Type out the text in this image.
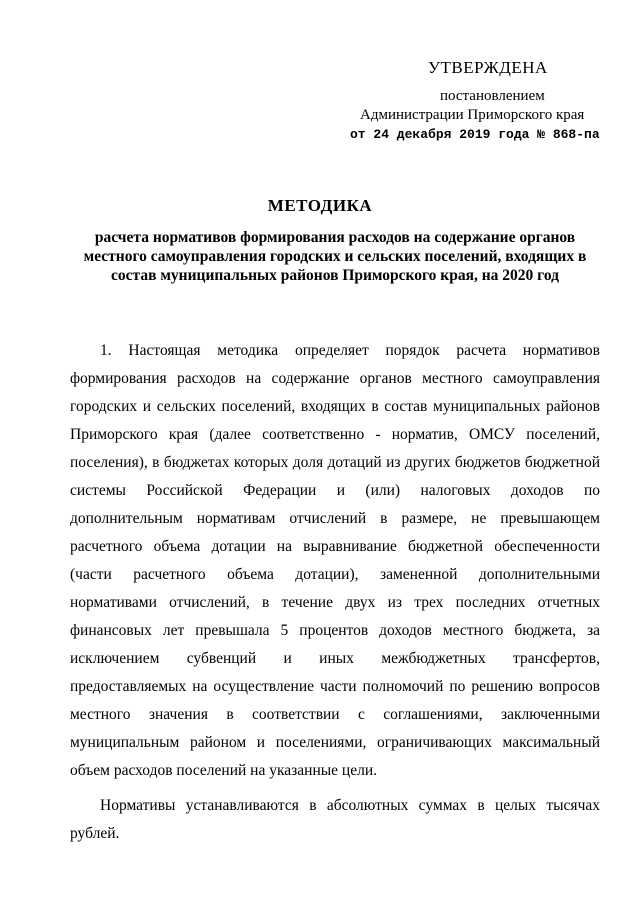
УТВЕРЖДЕНА
постановлением
Администрации Приморского края
от 24 декабря 2019 года № 868-па
МЕТОДИКА
расчета нормативов формирования расходов на содержание органов местного самоуправления городских и сельских поселений, входящих в состав муниципальных районов Приморского края, на 2020 год

1. Настоящая методика определяет порядок расчета нормативов формирования расходов на содержание органов местного самоуправления городских и сельских поселений, входящих в состав муниципальных районов Приморского края (далее соответственно - норматив, ОМСУ поселений, поселения), в бюджетах которых доля дотаций из других бюджетов бюджетной системы Российской Федерации и (или) налоговых доходов по дополнительным нормативам отчислений в размере, не превышающем расчетного объема дотации на выравнивание бюджетной обеспеченности (части расчетного объема дотации), замененной дополнительными нормативами отчислений, в течение двух из трех последних отчетных финансовых лет превышала 5 процентов доходов местного бюджета, за исключением субвенций и иных межбюджетных трансфертов, предоставляемых на осуществление части полномочий по решению вопросов местного значения в соответствии с соглашениями, заключенными муниципальным районом и поселениями, ограничивающих максимальный объем расходов поселений на указанные цели.

Нормативы устанавливаются в абсолютных суммах в целых тысячах рублей.
